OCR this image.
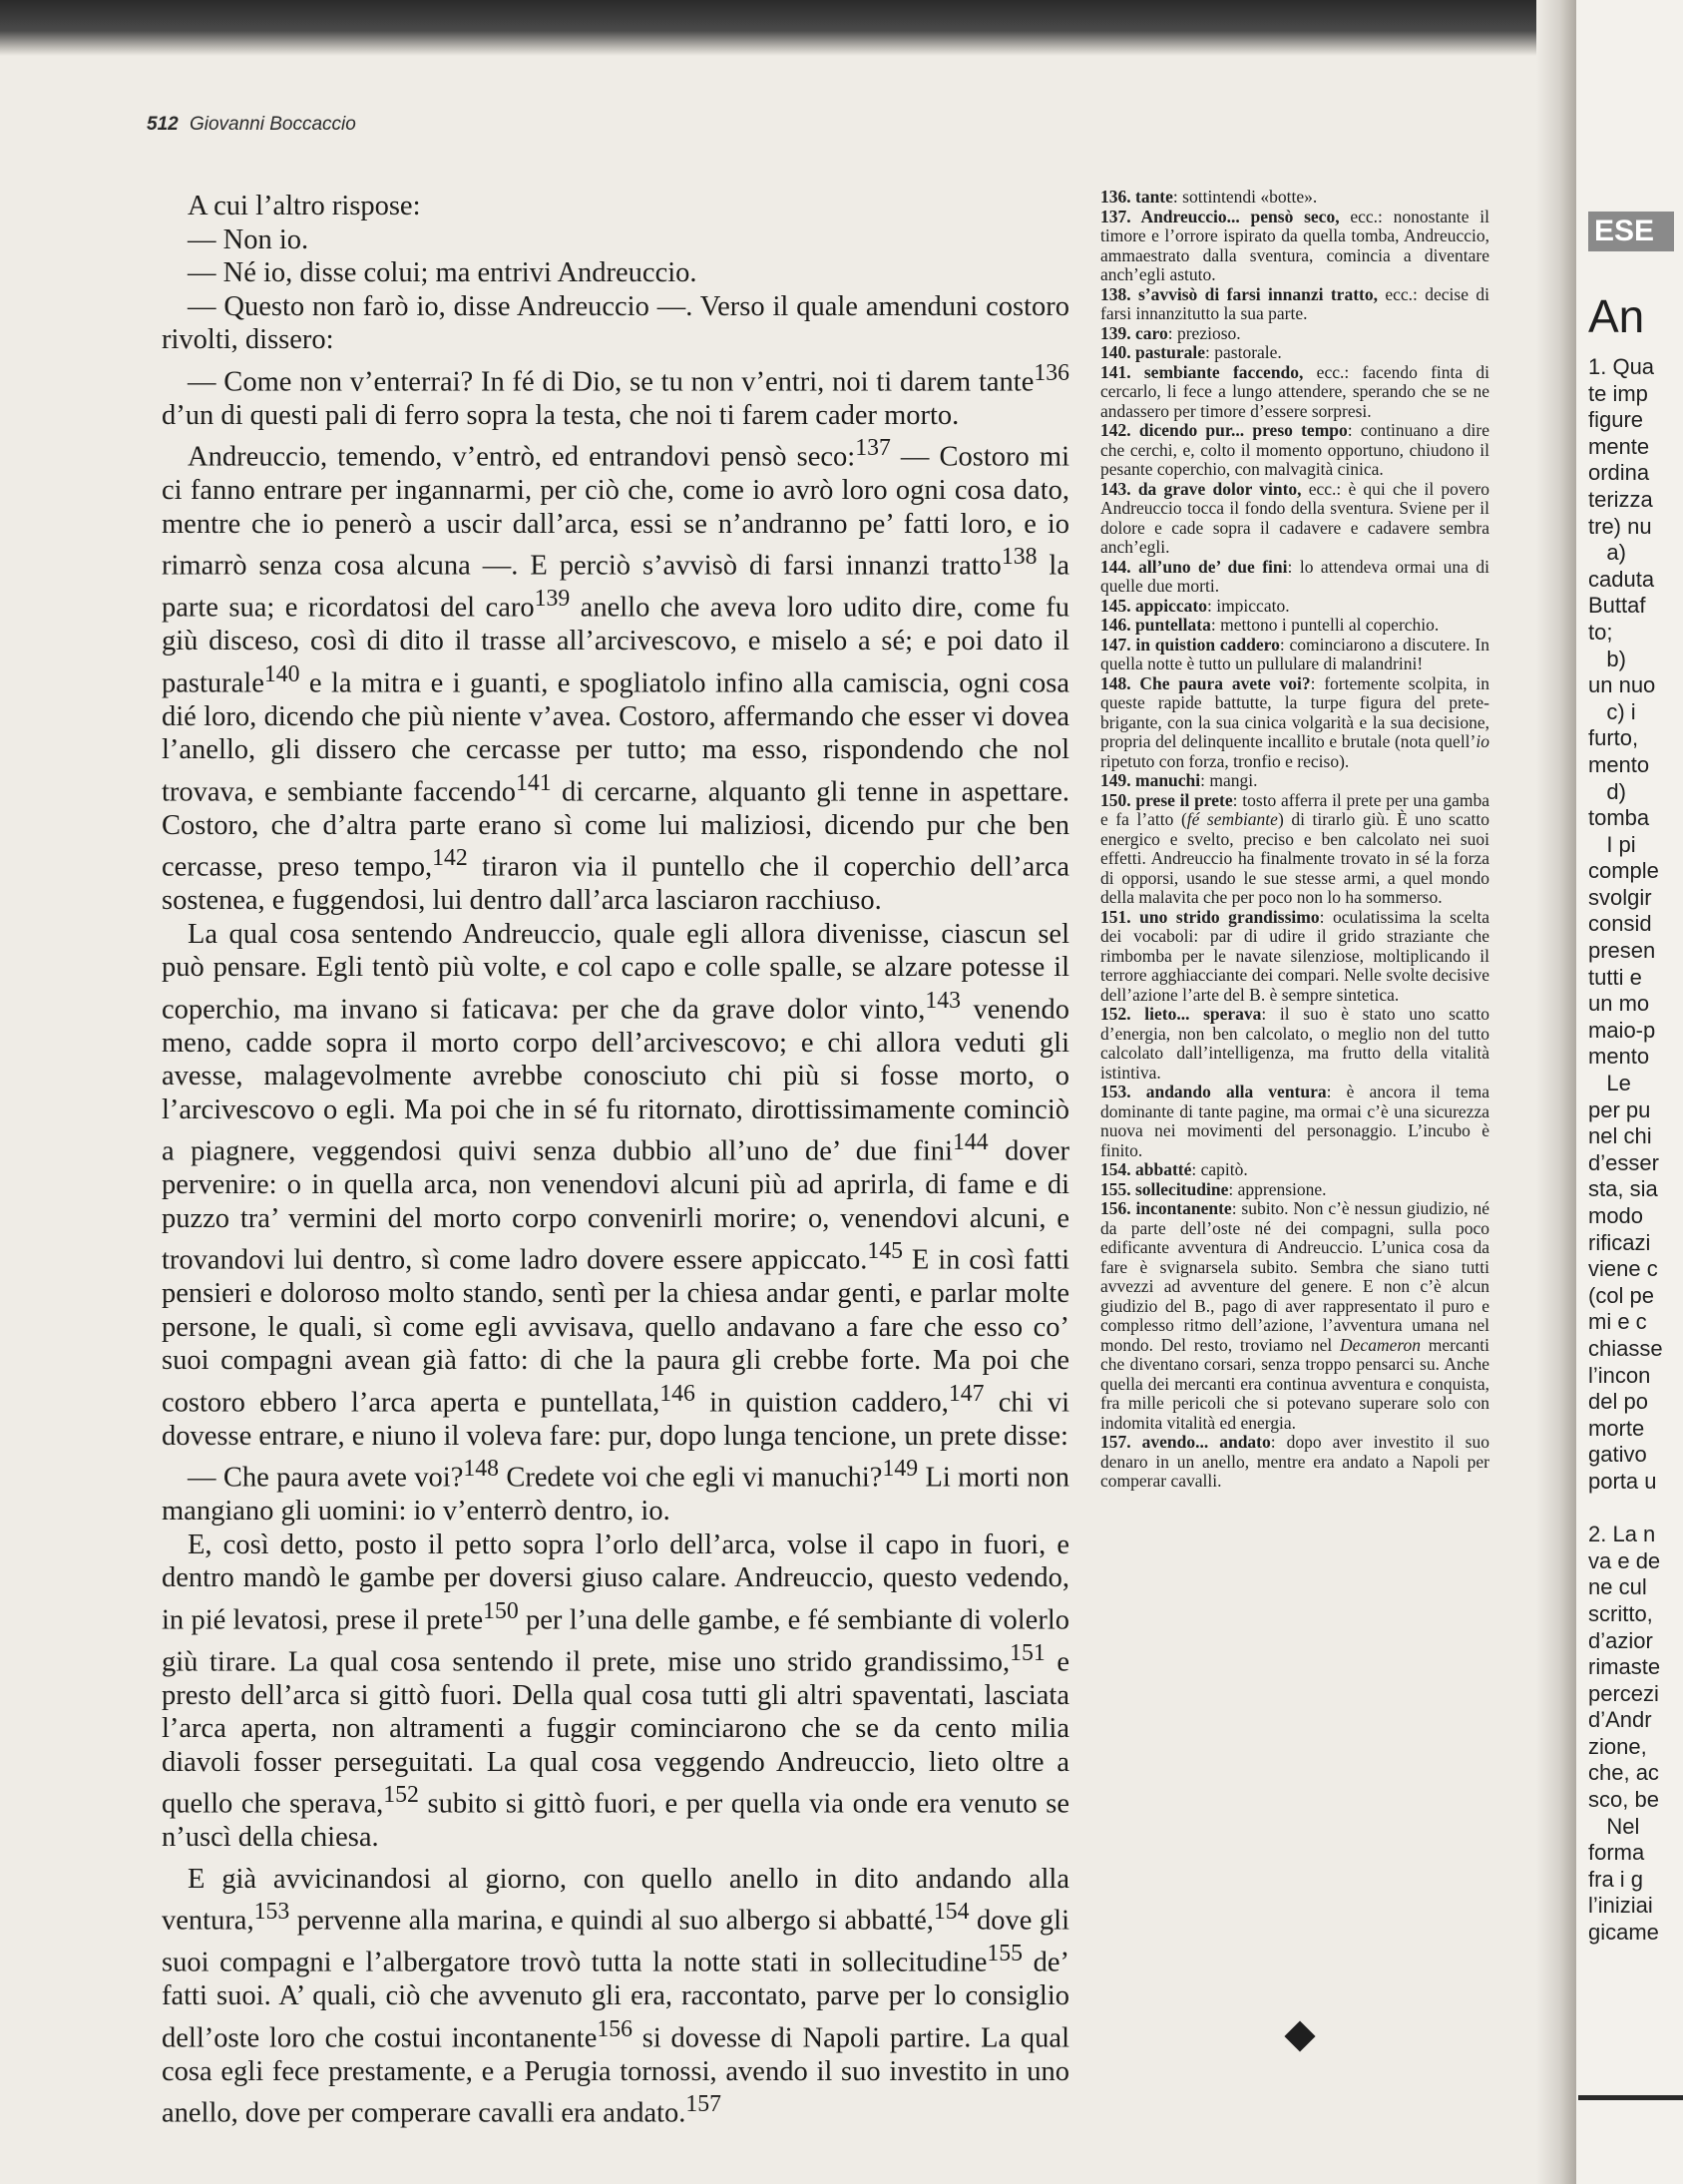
512 Giovanni Boccaccio

A cui l’altro rispose:

— Non io.

— Né io, disse colui; ma entrivi Andreuccio.

— Questo non farò io, disse Andreuccio —. Verso il quale amenduni costoro rivolti, dissero:

— Come non v’enterrai? In fé di Dio, se tu non v’entri, noi ti darem tante$^{136}$ d’un di questi pali di ferro sopra la testa, che noi ti farem cader morto.

Andreuccio, temendo, v’entrò, ed entrandovi pensò seco:$^{137}$ — Costoro mi ci fanno entrare per ingannarmi, per ciò che, come io avrò loro ogni cosa dato, mentre che io penerò a uscir dall’arca, essi se n’andranno pe’ fatti loro, e io rimarrò senza cosa alcuna —. E perciò s’avvisò di farsi innanzi tratto$^{138}$ la parte sua; e ricordatosi del caro$^{139}$ anello che aveva loro udito dire, come fu giù disceso, così di dito il trasse all’arcivescovo, e miselo a sé; e poi dato il pasturale$^{140}$ e la mitra e i guanti, e spogliatolo infino alla camiscia, ogni cosa dié loro, dicendo che più niente v’avea. Costoro, affermando che esser vi dovea l’anello, gli dissero che cercasse per tutto; ma esso, rispondendo che nol trovava, e sembiante faccendo$^{141}$ di cercarne, alquanto gli tenne in aspettare. Costoro, che d’altra parte erano sì come lui maliziosi, dicendo pur che ben cercasse, preso tempo,$^{142}$ tiraron via il puntello che il coperchio dell’arca sostenea, e fuggendosi, lui dentro dall’arca lasciaron racchiuso.

La qual cosa sentendo Andreuccio, quale egli allora divenisse, ciascun sel può pensare. Egli tentò più volte, e col capo e colle spalle, se alzare potesse il coperchio, ma invano si faticava: per che da grave dolor vinto,$^{143}$ venendo meno, cadde sopra il morto corpo dell’arcivescovo; e chi allora veduti gli avesse, malagevolmente avrebbe conosciuto chi più si fosse morto, o l’arcivescovo o egli. Ma poi che in sé fu ritornato, dirottissimamente cominciò a piagnere, veggendosi quivi senza dubbio all’uno de’ due fini$^{144}$ dover pervenire: o in quella arca, non venendovi alcuni più ad aprirla, di fame e di puzzo tra’ vermini del morto corpo convenirli morire; o, venendovi alcuni, e trovandovi lui dentro, sì come ladro dovere essere appiccato.$^{145}$ E in così fatti pensieri e doloroso molto stando, sentì per la chiesa andar genti, e parlar molte persone, le quali, sì come egli avvisava, quello andavano a fare che esso co’ suoi compagni avean già fatto: di che la paura gli crebbe forte. Ma poi che costoro ebbero l’arca aperta e puntellata,$^{146}$ in quistion caddero,$^{147}$ chi vi dovesse entrare, e niuno il voleva fare: pur, dopo lunga tencione, un prete disse:

— Che paura avete voi?$^{148}$ Credete voi che egli vi manuchi?$^{149}$ Li morti non mangiano gli uomini: io v’enterrò dentro, io.

E, così detto, posto il petto sopra l’orlo dell’arca, volse il capo in fuori, e dentro mandò le gambe per doversi giuso calare. Andreuccio, questo vedendo, in pié levatosi, prese il prete$^{150}$ per l’una delle gambe, e fé sembiante di volerlo giù tirare. La qual cosa sentendo il prete, mise uno strido grandissimo,$^{151}$ e presto dell’arca si gittò fuori. Della qual cosa tutti gli altri spaventati, lasciata l’arca aperta, non altramenti a fuggir cominciarono che se da cento milia diavoli fosser perseguitati. La qual cosa veggendo Andreuccio, lieto oltre a quello che sperava,$^{152}$ subito si gittò fuori, e per quella via onde era venuto se n’uscì della chiesa.

E già avvicinandosi al giorno, con quello anello in dito andando alla ventura,$^{153}$ pervenne alla marina, e quindi al suo albergo si abbatté,$^{154}$ dove gli suoi compagni e l’albergatore trovò tutta la notte stati in sollecitudine$^{155}$ de’ fatti suoi. A’ quali, ciò che avvenuto gli era, raccontato, parve per lo consiglio dell’oste loro che costui incontanente$^{156}$ si dovesse di Napoli partire. La qual cosa egli fece prestamente, e a Perugia tornossi, avendo il suo investito in uno anello, dove per comperare cavalli era andato.$^{157}$

136. tante: sottintendi «botte».

137. Andreuccio... pensò seco, ecc.: nonostante il timore e l’orrore ispirato da quella tomba, Andreuccio, ammaestrato dalla sventura, comincia a diventare anch’egli astuto.

138. s’avvisò di farsi innanzi tratto, ecc.: decise di farsi innanzitutto la sua parte.

139. caro: prezioso.

140. pasturale: pastorale.

141. sembiante faccendo, ecc.: facendo finta di cercarlo, li fece a lungo attendere, sperando che se ne andassero per timore d’essere sorpresi.

142. dicendo pur... preso tempo: continuano a dire che cerchi, e, colto il momento opportuno, chiudono il pesante coperchio, con malvagità cinica.

143. da grave dolor vinto, ecc.: è qui che il povero Andreuccio tocca il fondo della sventura. Sviene per il dolore e cade sopra il cadavere e cadavere sembra anch’egli.

144. all’uno de’ due fini: lo attendeva ormai una di quelle due morti.

145. appiccato: impiccato.

146. puntellata: mettono i puntelli al coperchio.

147. in quistion caddero: cominciarono a discutere. In quella notte è tutto un pullulare di malandrini!

148. Che paura avete voi?: fortemente scolpita, in queste rapide battutte, la turpe figura del prete-brigante, con la sua cinica volgarità e la sua decisione, propria del delinquente incallito e brutale (nota quell’io ripetuto con forza, tronfio e reciso).

149. manuchi: mangi.

150. prese il prete: tosto afferra il prete per una gamba e fa l’atto (fé sembiante) di tirarlo giù. È uno scatto energico e svelto, preciso e ben calcolato nei suoi effetti. Andreuccio ha finalmente trovato in sé la forza di opporsi, usando le sue stesse armi, a quel mondo della malavita che per poco non lo ha sommerso.

151. uno strido grandissimo: oculatissima la scelta dei vocaboli: par di udire il grido straziante che rimbomba per le navate silenziose, moltiplicando il terrore agghiacciante dei compari. Nelle svolte decisive dell’azione l’arte del B. è sempre sintetica.

152. lieto... sperava: il suo è stato uno scatto d’energia, non ben calcolato, o meglio non del tutto calcolato dall’intelligenza, ma frutto della vitalità istintiva.

153. andando alla ventura: è ancora il tema dominante di tante pagine, ma ormai c’è una sicurezza nuova nei movimenti del personaggio. L’incubo è finito.

154. abbatté: capitò.

155. sollecitudine: apprensione.

156. incontanente: subito. Non c’è nessun giudizio, né da parte dell’oste né dei compagni, sulla poco edificante avventura di Andreuccio. L’unica cosa da fare è svignarsela subito. Sembra che siano tutti avvezzi ad avventure del genere. E non c’è alcun giudizio del B., pago di aver rappresentato il puro e complesso ritmo dell’azione, l’avventura umana nel mondo. Del resto, troviamo nel Decameron mercanti che diventano corsari, senza troppo pensarci su. Anche quella dei mercanti era continua avventura e conquista, fra mille pericoli che si potevano superare solo con indomita vitalità ed energia.

157. avendo... andato: dopo aver investito il suo denaro in un anello, mentre era andato a Napoli per comperar cavalli.

ESE
An
1. Qua
te imp
figure
mente
ordina
terizza
tre) nu
a)
caduta
Buttaf
to;
b)
un nuo
c) i
furto,
mento
d)
tomba
I pi
comple
svolgir
consid
presen
tutti e
un mo
maio-p
mento
Le
per pu
nel chi
d’esser
sta, sia
modo
rificazi
viene c
(col pe
mi e c
chiasse
l’incon
del po
morte
gativo
porta u

2. La n
va e de
ne cul
scritto,
d’azior
rimaste
percezi
d’Andr
zione,
che, ac
sco, be
Nel
forma
fra i g
l’iniziai
gicame
